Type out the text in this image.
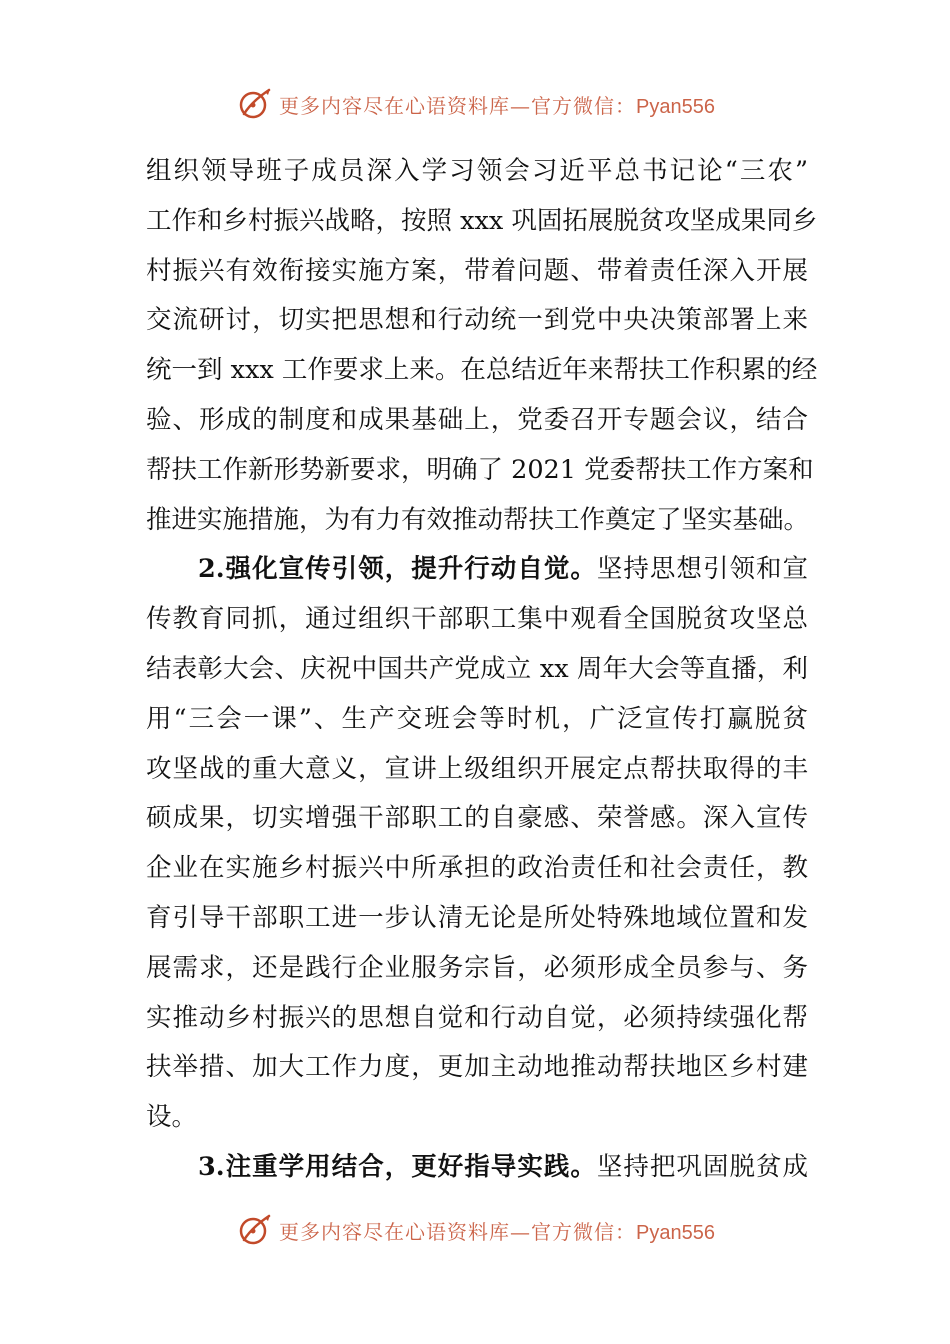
更多内容尽在心语资料库—官方微信：Pyan556

组织领导班子成员深入学习领会习近平总书记论“三农”
工作和乡村振兴战略，按照 xxx 巩固拓展脱贫攻坚成果同乡
村振兴有效衔接实施方案，带着问题、带着责任深入开展
交流研讨，切实把思想和行动统一到党中央决策部署上来
统一到 xxx 工作要求上来。在总结近年来帮扶工作积累的经
验、形成的制度和成果基础上，党委召开专题会议，结合
帮扶工作新形势新要求，明确了 2021 党委帮扶工作方案和
推进实施措施，为有力有效推动帮扶工作奠定了坚实基础。

2.强化宣传引领，提升行动自觉。坚持思想引领和宣
传教育同抓，通过组织干部职工集中观看全国脱贫攻坚总
结表彰大会、庆祝中国共产党成立 xx 周年大会等直播，利
用“三会一课”、生产交班会等时机，广泛宣传打赢脱贫
攻坚战的重大意义，宣讲上级组织开展定点帮扶取得的丰
硕成果，切实增强干部职工的自豪感、荣誉感。深入宣传
企业在实施乡村振兴中所承担的政治责任和社会责任，教
育引导干部职工进一步认清无论是所处特殊地域位置和发
展需求，还是践行企业服务宗旨，必须形成全员参与、务
实推动乡村振兴的思想自觉和行动自觉，必须持续强化帮
扶举措、加大工作力度，更加主动地推动帮扶地区乡村建
设。

3.注重学用结合，更好指导实践。坚持把巩固脱贫成

更多内容尽在心语资料库—官方微信：Pyan556
